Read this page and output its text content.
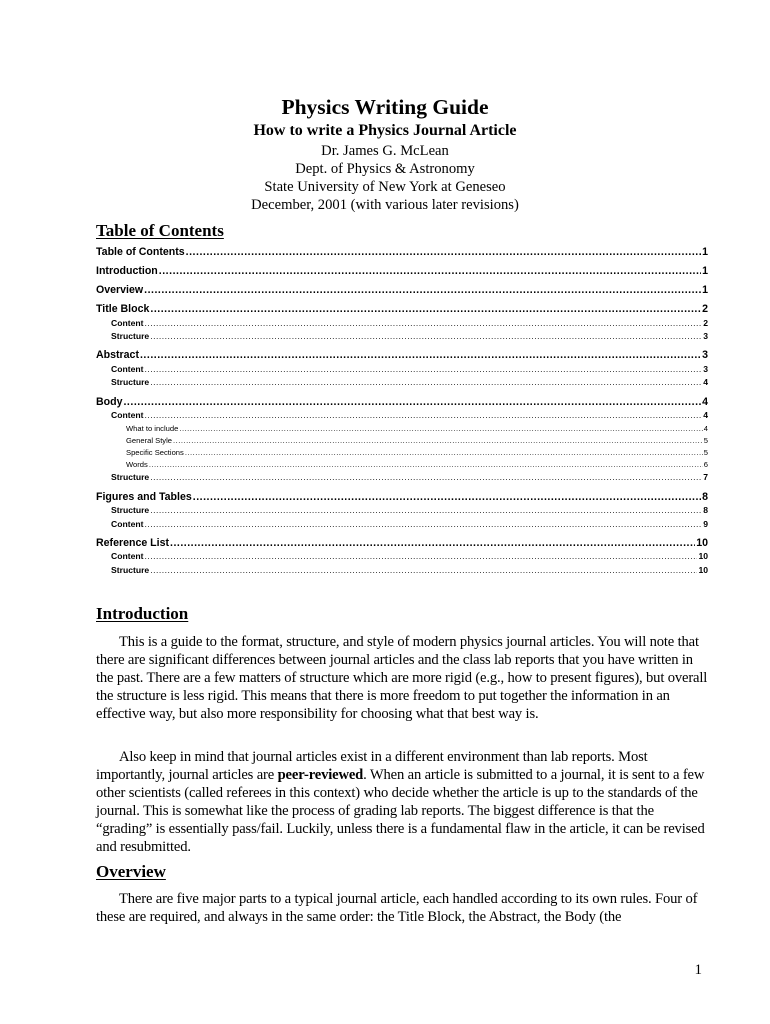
Physics Writing Guide
How to write a Physics Journal Article
Dr. James G. McLean
Dept. of Physics & Astronomy
State University of New York at Geneseo
December, 2001 (with various later revisions)
Table of Contents
Table of Contents .....	1
Introduction .....	1
Overview .....	1
Title Block .....	2
Content .....	2
Structure .....	3
Abstract .....	3
Content .....	3
Structure .....	4
Body .....	4
Content .....	4
What to include .....	4
General Style .....	5
Specific Sections .....	5
Words .....	6
Structure .....	7
Figures and Tables .....	8
Structure .....	8
Content .....	9
Reference List .....	10
Content .....	10
Structure .....	10
Introduction

This is a guide to the format, structure, and style of modern physics journal articles. You will note that there are significant differences between journal articles and the class lab reports that you have written in the past. There are a few matters of structure which are more rigid (e.g., how to present figures), but overall the structure is less rigid. This means that there is more freedom to put together the information in an effective way, but also more responsibility for choosing what that best way is.

Also keep in mind that journal articles exist in a different environment than lab reports. Most importantly, journal articles are peer-reviewed. When an article is submitted to a journal, it is sent to a few other scientists (called referees in this context) who decide whether the article is up to the standards of the journal. This is somewhat like the process of grading lab reports. The biggest difference is that the “grading” is essentially pass/fail. Luckily, unless there is a fundamental flaw in the article, it can be revised and resubmitted.

Overview

There are five major parts to a typical journal article, each handled according to its own rules. Four of these are required, and always in the same order: the Title Block, the Abstract, the Body (the

1
